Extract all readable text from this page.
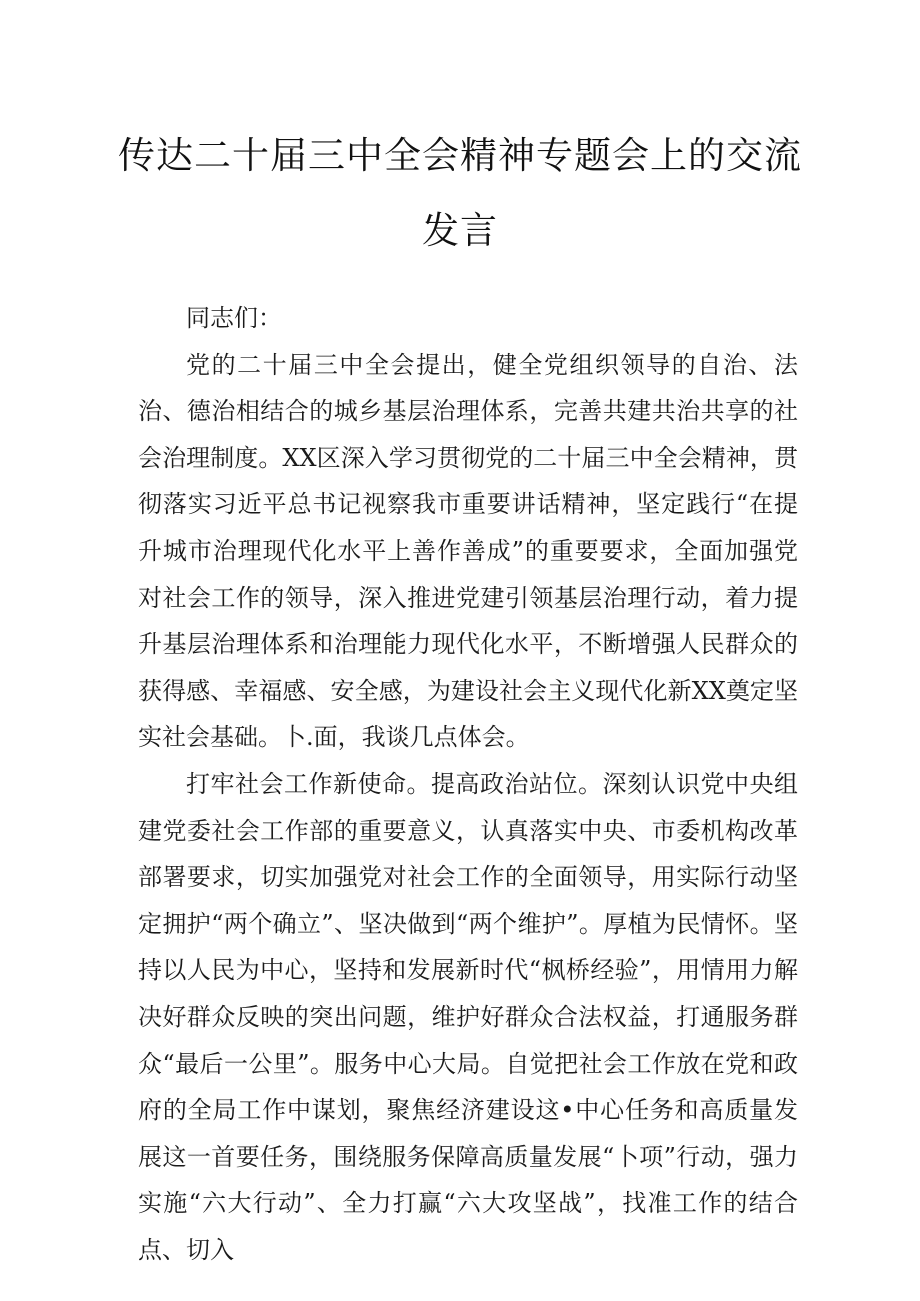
传达二十届三中全会精神专题会上的交流
发言

同志们：

党的二十届三中全会提出，健全党组织领导的自治、法治、德治相结合的城乡基层治理体系，完善共建共治共享的社会治理制度。XX区深入学习贯彻党的二十届三中全会精神，贯彻落实习近平总书记视察我市重要讲话精神，坚定践行“在提升城市治理现代化水平上善作善成”的重要要求，全面加强党对社会工作的领导，深入推进党建引领基层治理行动，着力提升基层治理体系和治理能力现代化水平，不断增强人民群众的获得感、幸福感、安全感，为建设社会主义现代化新XX奠定坚实社会基础。卜.面，我谈几点体会。

打牢社会工作新使命。提高政治站位。深刻认识党中央组建党委社会工作部的重要意义，认真落实中央、市委机构改革部署要求，切实加强党对社会工作的全面领导，用实际行动坚定拥护“两个确立”、坚决做到“两个维护”。厚植为民情怀。坚持以人民为中心，坚持和发展新时代“枫桥经验”，用情用力解决好群众反映的突出问题，维护好群众合法权益，打通服务群众“最后一公里”。服务中心大局。自觉把社会工作放在党和政府的全局工作中谋划，聚焦经济建设这•中心任务和高质量发展这一首要任务，围绕服务保障高质量发展“卜项”行动，强力实施“六大行动”、全力打赢“六大攻坚战”，找准工作的结合点、切入
